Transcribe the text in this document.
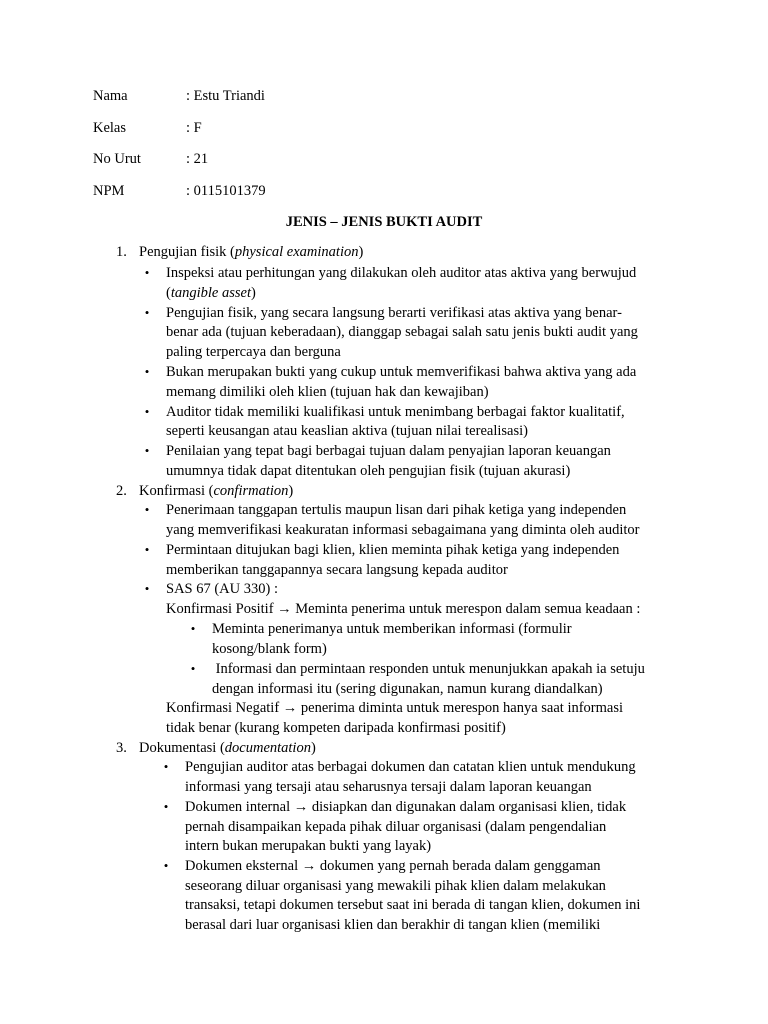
Nama	: Estu Triandi
Kelas	: F
No Urut	: 21
NPM	: 0115101379
JENIS – JENIS BUKTI AUDIT
1. Pengujian fisik (physical examination)
• Inspeksi atau perhitungan yang dilakukan oleh auditor atas aktiva yang berwujud
(tangible asset)
• Pengujian fisik, yang secara langsung berarti verifikasi atas aktiva yang benar-
benar ada (tujuan keberadaan), dianggap sebagai salah satu jenis bukti audit yang
paling terpercaya dan berguna
• Bukan merupakan bukti yang cukup untuk memverifikasi bahwa aktiva yang ada
memang dimiliki oleh klien (tujuan hak dan kewajiban)
• Auditor tidak memiliki kualifikasi untuk menimbang berbagai faktor kualitatif,
seperti keusangan atau keaslian aktiva (tujuan nilai terealisasi)
• Penilaian yang tepat bagi berbagai tujuan dalam penyajian laporan keuangan
umumnya tidak dapat ditentukan oleh pengujian fisik (tujuan akurasi)
2. Konfirmasi (confirmation)
• Penerimaan tanggapan tertulis maupun lisan dari pihak ketiga yang independen
yang memverifikasi keakuratan informasi sebagaimana yang diminta oleh auditor
• Permintaan ditujukan bagi klien, klien meminta pihak ketiga yang independen
memberikan tanggapannya secara langsung kepada auditor
• SAS 67 (AU 330) :
Konfirmasi Positif → Meminta penerima untuk merespon dalam semua keadaan :
• Meminta penerimanya untuk memberikan informasi (formulir
kosong/blank form)
• Informasi dan permintaan responden untuk menunjukkan apakah ia setuju
dengan informasi itu (sering digunakan, namun kurang diandalkan)
Konfirmasi Negatif → penerima diminta untuk merespon hanya saat informasi
tidak benar (kurang kompeten daripada konfirmasi positif)
3. Dokumentasi (documentation)
• Pengujian auditor atas berbagai dokumen dan catatan klien untuk mendukung
informasi yang tersaji atau seharusnya tersaji dalam laporan keuangan
• Dokumen internal → disiapkan dan digunakan dalam organisasi klien, tidak
pernah disampaikan kepada pihak diluar organisasi (dalam pengendalian
intern bukan merupakan bukti yang layak)
• Dokumen eksternal → dokumen yang pernah berada dalam genggaman
seseorang diluar organisasi yang mewakili pihak klien dalam melakukan
transaksi, tetapi dokumen tersebut saat ini berada di tangan klien, dokumen ini
berasal dari luar organisasi klien dan berakhir di tangan klien (memiliki
